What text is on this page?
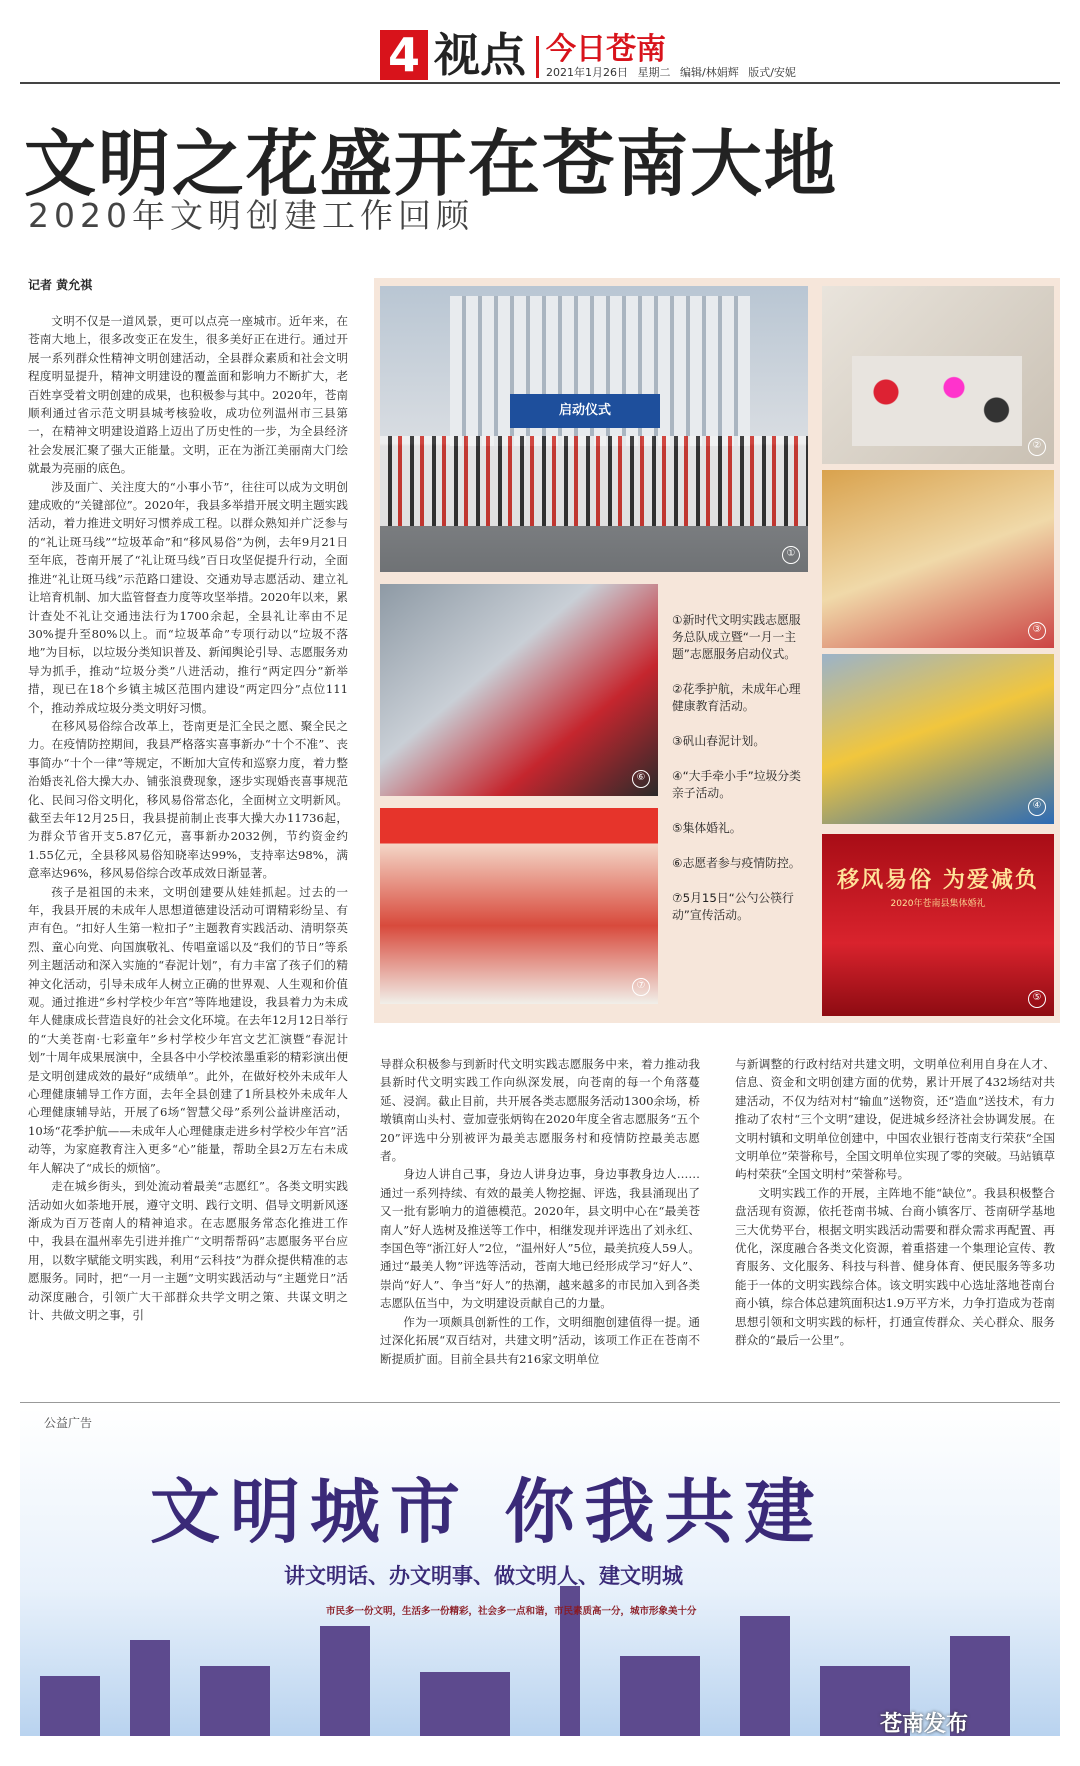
4 视点 今日苍南
2021年1月26日 星期二 编辑/林娟辉 版式/安妮
文明之花盛开在苍南大地
2020年文明创建工作回顾
记者 黄允祺

文明不仅是一道风景，更可以点亮一座城市。近年来，在苍南大地上，很多改变正在发生，很多美好正在进行。通过开展一系列群众性精神文明创建活动，全县群众素质和社会文明程度明显提升，精神文明建设的覆盖面和影响力不断扩大，老百姓享受着文明创建的成果，也积极参与其中。2020年，苍南顺利通过省示范文明县城考核验收，成功位列温州市三县第一，在精神文明建设道路上迈出了历史性的一步，为全县经济社会发展汇聚了强大正能量。文明，正在为浙江美丽南大门绘就最为亮丽的底色。

涉及面广、关注度大的“小事小节”，往往可以成为文明创建成败的“关键部位”。2020年，我县多举措开展文明主题实践活动，着力推进文明好习惯养成工程。以群众熟知并广泛参与的“礼让斑马线”“垃圾革命”和“移风易俗”为例，去年9月21日至年底，苍南开展了“礼让斑马线”百日攻坚促提升行动，全面推进“礼让斑马线”示范路口建设、交通劝导志愿活动、建立礼让培育机制、加大监管督查力度等攻坚举措。2020年以来，累计查处不礼让交通违法行为1700余起，全县礼让率由不足30%提升至80%以上。而“垃圾革命”专项行动以“垃圾不落地”为目标，以垃圾分类知识普及、新闻舆论引导、志愿服务劝导为抓手，推动“垃圾分类”八进活动，推行“两定四分”新举措，现已在18个乡镇主城区范围内建设“两定四分”点位111个，推动养成垃圾分类文明好习惯。

在移风易俗综合改革上，苍南更是汇全民之愿、聚全民之力。在疫情防控期间，我县严格落实喜事新办“十个不准”、丧事简办“十个一律”等规定，不断加大宣传和巡察力度，着力整治婚丧礼俗大操大办、铺张浪费现象，逐步实现婚丧喜事规范化、民间习俗文明化，移风易俗常态化，全面树立文明新风。截至去年12月25日，我县提前制止丧事大操大办11736起，为群众节省开支5.87亿元，喜事新办2032例，节约资金约1.55亿元，全县移风易俗知晓率达99%，支持率达98%，满意率达96%，移风易俗综合改革成效日渐显著。

孩子是祖国的未来，文明创建要从娃娃抓起。过去的一年，我县开展的未成年人思想道德建设活动可谓精彩纷呈、有声有色。“扣好人生第一粒扣子”主题教育实践活动、清明祭英烈、童心向党、向国旗敬礼、传唱童谣以及“我们的节日”等系列主题活动和深入实施的“春泥计划”，有力丰富了孩子们的精神文化活动，引导未成年人树立正确的世界观、人生观和价值观。通过推进“乡村学校少年宫”等阵地建设，我县着力为未成年人健康成长营造良好的社会文化环境。在去年12月12日举行的“大美苍南·七彩童年”乡村学校少年宫文艺汇演暨“春泥计划”十周年成果展演中，全县各中小学校浓墨重彩的精彩演出便是文明创建成效的最好“成绩单”。此外，在做好校外未成年人心理健康辅导工作方面，去年全县创建了1所县校外未成年人心理健康辅导站，开展了6场“智慧父母”系列公益讲座活动，10场“花季护航——未成年人心理健康走进乡村学校少年宫”活动等，为家庭教育注入更多“心”能量，帮助全县2万左右未成年人解决了“成长的烦恼”。

走在城乡街头，到处流动着最美“志愿红”。各类文明实践活动如火如荼地开展，遵守文明、践行文明、倡导文明新风逐渐成为百万苍南人的精神追求。在志愿服务常态化推进工作中，我县在温州率先引进并推广“文明帮帮码”志愿服务平台应用，以数字赋能文明实践，利用“云科技”为群众提供精准的志愿服务。同时，把“一月一主题”文明实践活动与“主题党日”活动深度融合，引领广大干部群众共学文明之策、共谋文明之计、共做文明之事，引

启动仪式
①
②
③
④
移风易俗 为爱减负
2020年苍南县集体婚礼
⑤
⑥
⑦
①新时代文明实践志愿服务总队成立暨“一月一主题”志愿服务启动仪式。
②花季护航，未成年心理健康教育活动。
③矾山春泥计划。
④“大手牵小手”垃圾分类亲子活动。
⑤集体婚礼。
⑥志愿者参与疫情防控。
⑦5月15日“公勺公筷行动”宣传活动。

导群众积极参与到新时代文明实践志愿服务中来，着力推动我县新时代文明实践工作向纵深发展，向苍南的每一个角落蔓延、浸润。截止目前，共开展各类志愿服务活动1300余场，桥墩镇南山头村、壹加壹张炳钩在2020年度全省志愿服务“五个20”评选中分别被评为最美志愿服务村和疫情防控最美志愿者。

身边人讲自己事，身边人讲身边事，身边事教身边人……通过一系列持续、有效的最美人物挖掘、评选，我县涌现出了又一批有影响力的道德模范。2020年，县文明中心在“最美苍南人”好人选树及推送等工作中，相继发现并评选出了刘永红、李国色等“浙江好人”2位，“温州好人”5位，最美抗疫人59人。通过“最美人物”评选等活动，苍南大地已经形成学习“好人”、崇尚“好人”、争当“好人”的热潮，越来越多的市民加入到各类志愿队伍当中，为文明建设贡献自己的力量。

作为一项颇具创新性的工作，文明细胞创建值得一提。通过深化拓展“双百结对，共建文明”活动，该项工作正在苍南不断提质扩面。目前全县共有216家文明单位

与新调整的行政村结对共建文明，文明单位利用自身在人才、信息、资金和文明创建方面的优势，累计开展了432场结对共建活动，不仅为结对村“输血”送物资，还“造血”送技术，有力推动了农村“三个文明”建设，促进城乡经济社会协调发展。在文明村镇和文明单位创建中，中国农业银行苍南支行荣获“全国文明单位”荣誉称号，全国文明单位实现了零的突破。马站镇草屿村荣获“全国文明村”荣誉称号。

文明实践工作的开展，主阵地不能“缺位”。我县积极整合盘活现有资源，依托苍南书城、台商小镇客厅、苍南研学基地三大优势平台，根据文明实践活动需要和群众需求再配置、再优化，深度融合各类文化资源，着重搭建一个集理论宣传、教育服务、文化服务、科技与科普、健身体育、便民服务等多功能于一体的文明实践综合体。该文明实践中心选址落地苍南台商小镇，综合体总建筑面积达1.9万平方米，力争打造成为苍南思想引领和文明实践的标杆，打通宣传群众、关心群众、服务群众的“最后一公里”。

公益广告
文明城市 你我共建
讲文明话、办文明事、做文明人、建文明城
市民多一份文明，生活多一份精彩，社会多一点和谐，市民素质高一分，城市形象美十分
苍南发布
